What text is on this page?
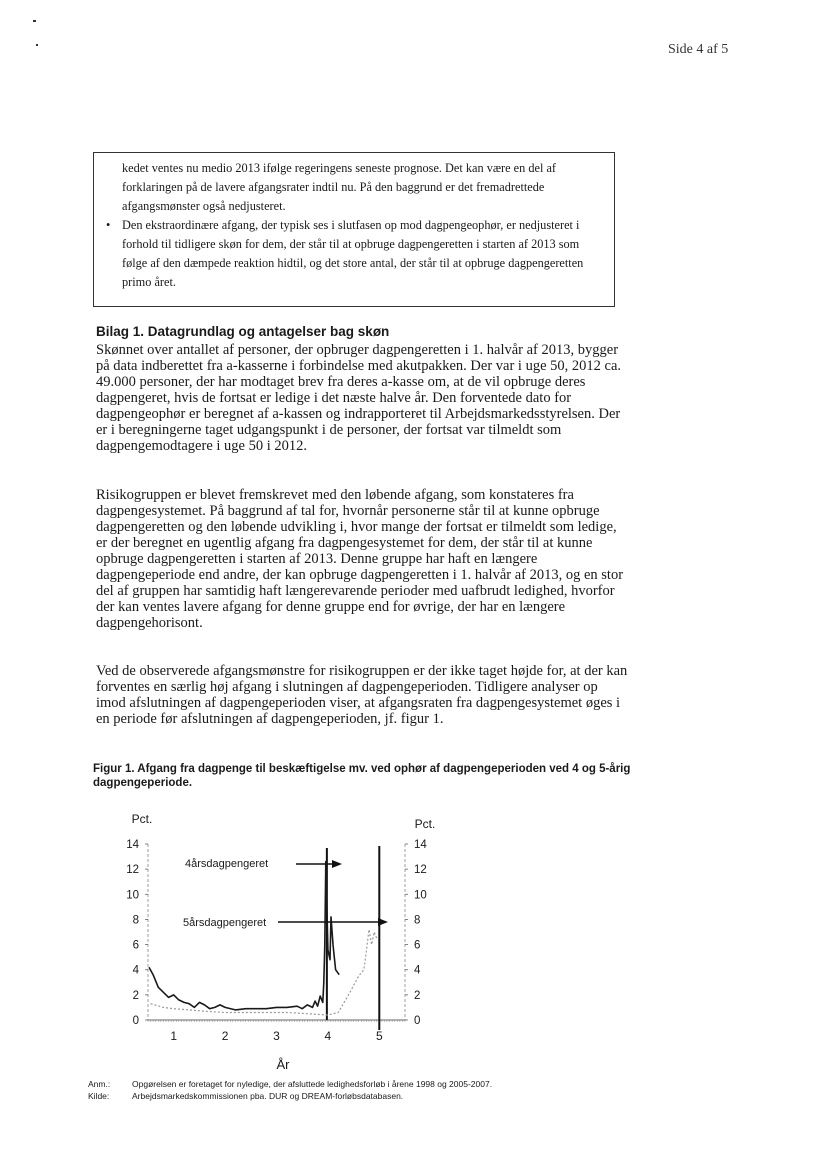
Side 4 af 5

kedet ventes nu medio 2013 ifølge regeringens seneste prognose. Det kan være en del af forklaringen på de lavere afgangsrater indtil nu. På den baggrund er det fremadrettede afgangsmønster også nedjusteret.

• Den ekstraordinære afgang, der typisk ses i slutfasen op mod dagpengeophør, er nedjusteret i forhold til tidligere skøn for dem, der står til at opbruge dagpengeretten i starten af 2013 som følge af den dæmpede reaktion hidtil, og det store antal, der står til at opbruge dagpengeretten primo året.
Bilag 1. Datagrundlag og antagelser bag skøn

Skønnet over antallet af personer, der opbruger dagpengeretten i 1. halvår af 2013, bygger på data indberettet fra a-kasserne i forbindelse med akutpakken. Der var i uge 50, 2012 ca. 49.000 personer, der har modtaget brev fra deres a-kasse om, at de vil opbruge deres dagpengeret, hvis de fortsat er ledige i det næste halve år. Den forventede dato for dagpengeophør er beregnet af a-kassen og indrapporteret til Arbejdsmarkedsstyrelsen. Der er i beregningerne taget udgangspunkt i de personer, der fortsat var tilmeldt som dagpengemodtagere i uge 50 i 2012.

Risikogruppen er blevet fremskrevet med den løbende afgang, som konstateres fra dagpengesystemet. På baggrund af tal for, hvornår personerne står til at kunne opbruge dagpengeretten og den løbende udvikling i, hvor mange der fortsat er tilmeldt som ledige, er der beregnet en ugentlig afgang fra dagpengesystemet for dem, der står til at kunne opbruge dagpengeretten i starten af 2013. Denne gruppe har haft en længere dagpengeperiode end andre, der kan opbruge dagpengeretten i 1. halvår af 2013, og en stor del af gruppen har samtidig haft længerevarende perioder med uafbrudt ledighed, hvorfor der kan ventes lavere afgang for denne gruppe end for øvrige, der har en længere dagpengehorisont.

Ved de observerede afgangsmønstre for risikogruppen er der ikke taget højde for, at der kan forventes en særlig høj afgang i slutningen af dagpengeperioden. Tidligere analyser op imod afslutningen af dagpengeperioden viser, at afgangsraten fra dagpengesystemet øges i en periode før afslutningen af dagpengeperioden, jf. figur 1.

Figur 1. Afgang fra dagpenge til beskæftigelse mv. ved ophør af dagpengeperioden ved 4 og 5-årig dagpengeperiode.
0	0
2	2
4	4
6	6
8	8
10	10
12	12
14	14
1	2	3	4	5
Pct.	Pct.
År
4årsdagpengeret
5årsdagpengeret
Anm.:	Opgørelsen er foretaget for nyledige, der afsluttede ledighedsforløb i årene 1998 og 2005-2007.
Kilde:	Arbejdsmarkedskommissionen pba. DUR og DREAM-forløbsdatabasen.
